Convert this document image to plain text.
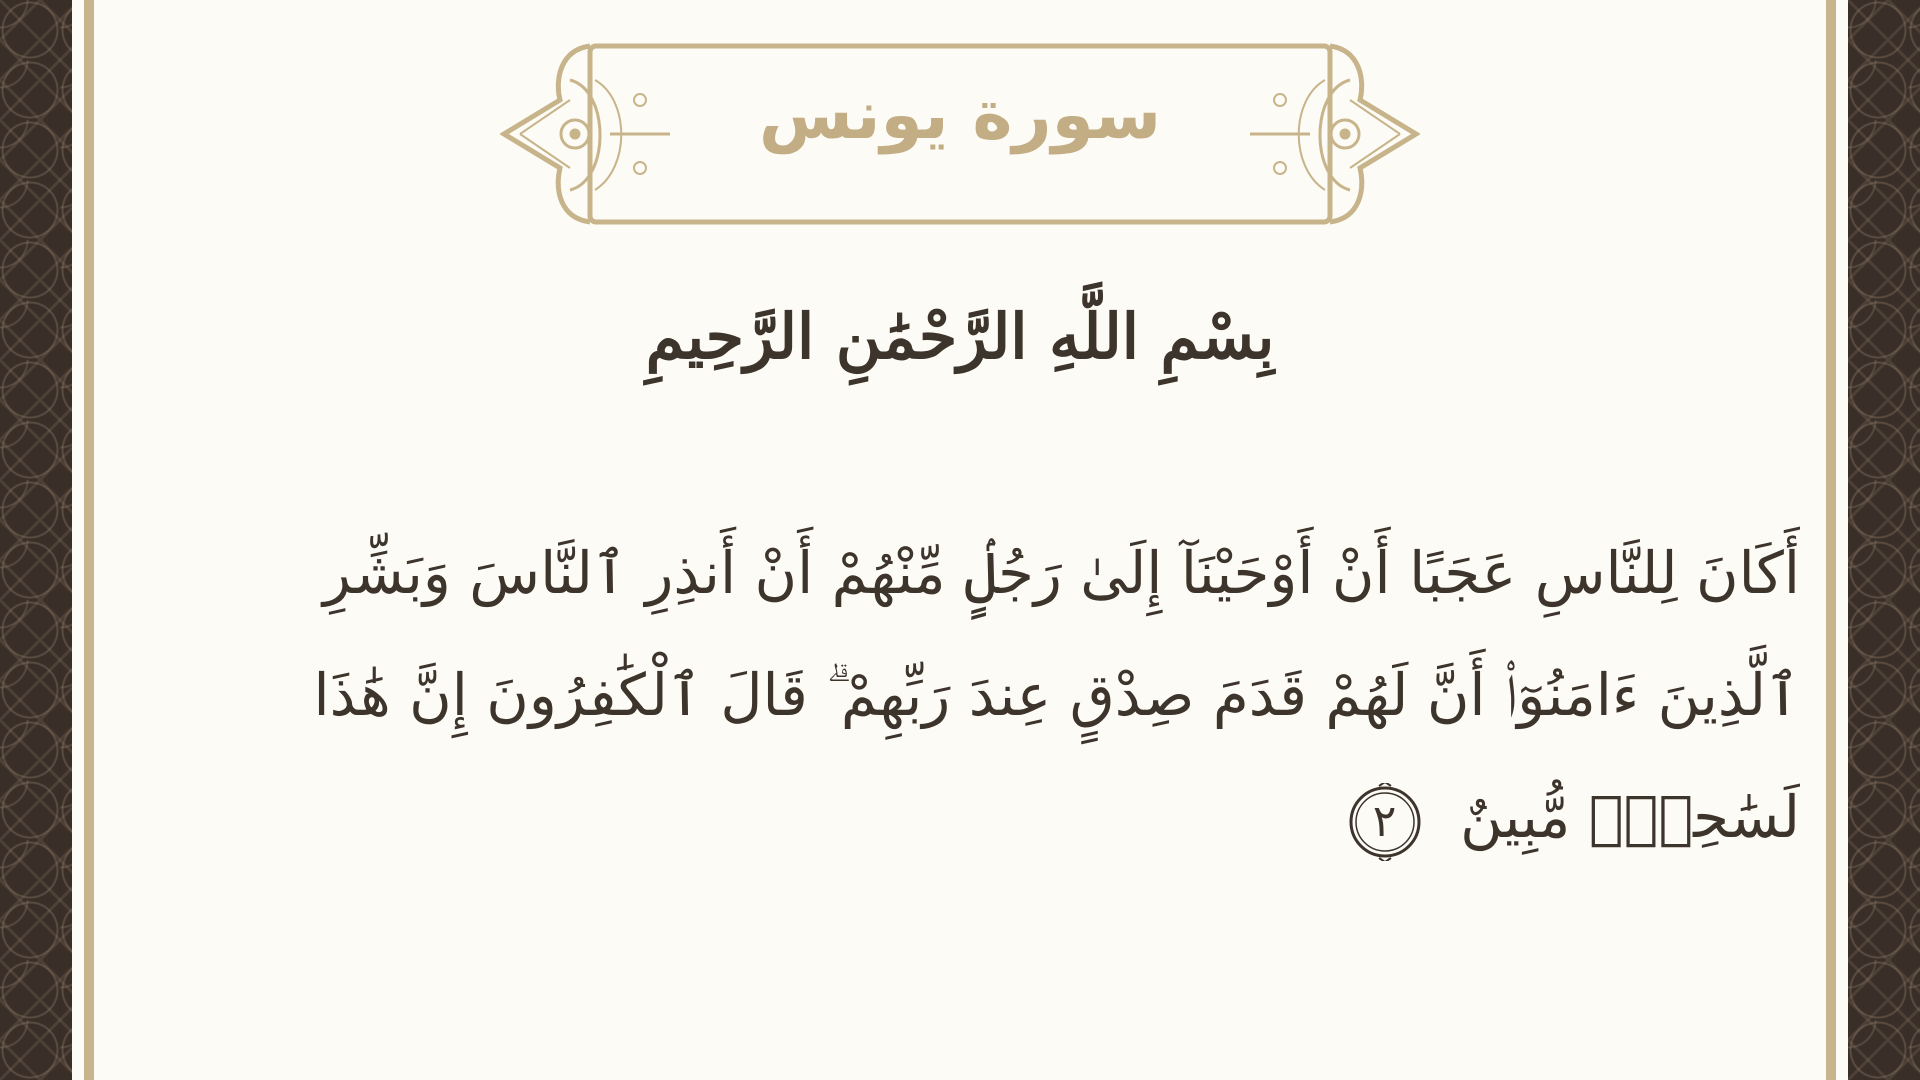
سورة يونس
بِسْمِ اللَّهِ الرَّحْمَٰنِ الرَّحِيمِ
أَكَانَ لِلنَّاسِ عَجَبًا أَنْ أَوْحَيْنَآ إِلَىٰ رَجُلٍۢ مِّنْهُمْ أَنْ أَنذِرِ ٱلنَّاسَ وَبَشِّرِ
ٱلَّذِينَ ءَامَنُوٓا۟ أَنَّ لَهُمْ قَدَمَ صِدْقٍ عِندَ رَبِّهِمْ ۗ قَالَ ٱلْكَٰفِرُونَ إِنَّ هَٰذَا
لَسَٰحِرٌۭ مُّبِينٌ
٢
